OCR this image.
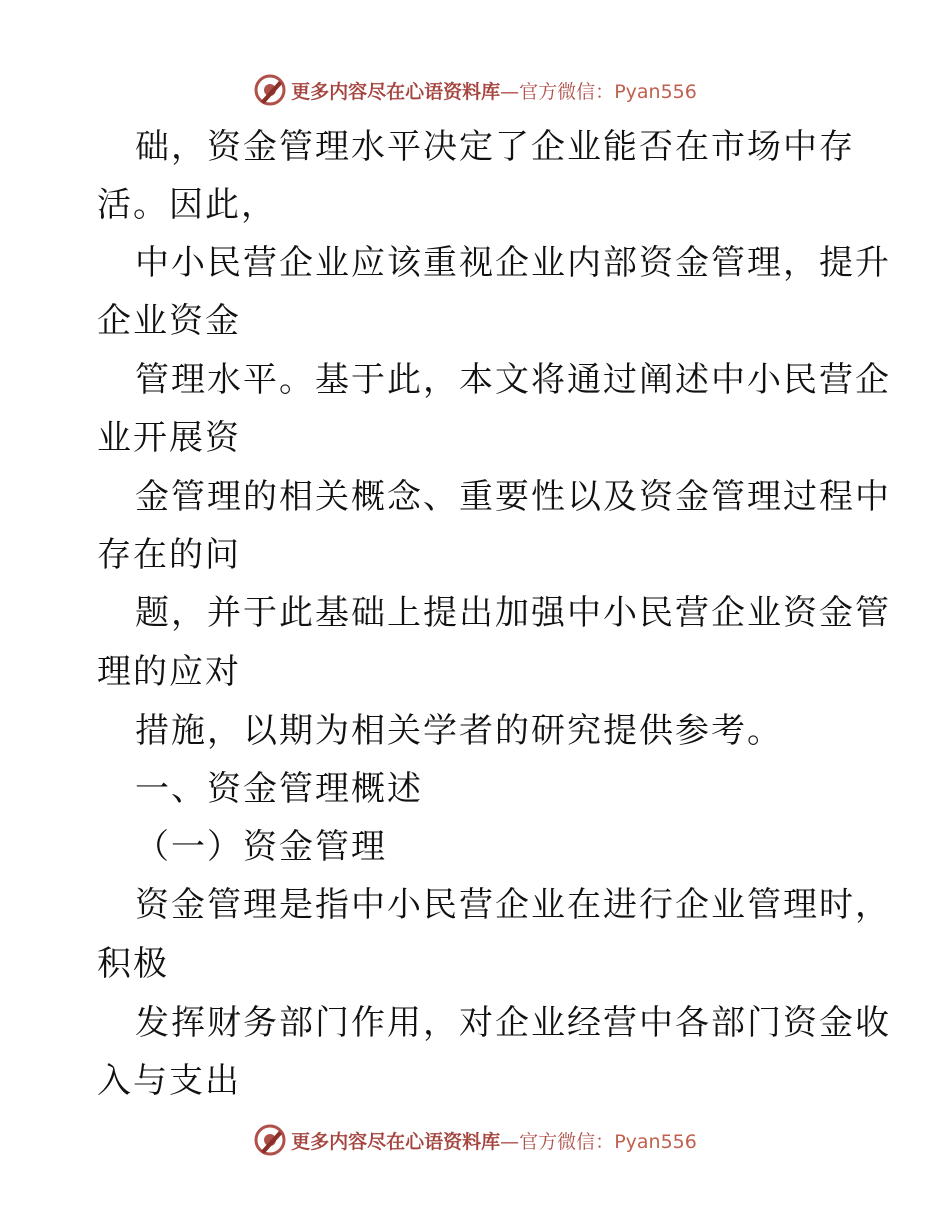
更多内容尽在心语资料库—官方微信：Pyan556
础，资金管理水平决定了企业能否在市场中存
活。因此，
中小民营企业应该重视企业内部资金管理，提升
企业资金
管理水平。基于此，本文将通过阐述中小民营企
业开展资
金管理的相关概念、重要性以及资金管理过程中
存在的问
题，并于此基础上提出加强中小民营企业资金管
理的应对
措施，以期为相关学者的研究提供参考。
一、资金管理概述
（一）资金管理
资金管理是指中小民营企业在进行企业管理时，
积极
发挥财务部门作用，对企业经营中各部门资金收
入与支出
更多内容尽在心语资料库—官方微信：Pyan556
